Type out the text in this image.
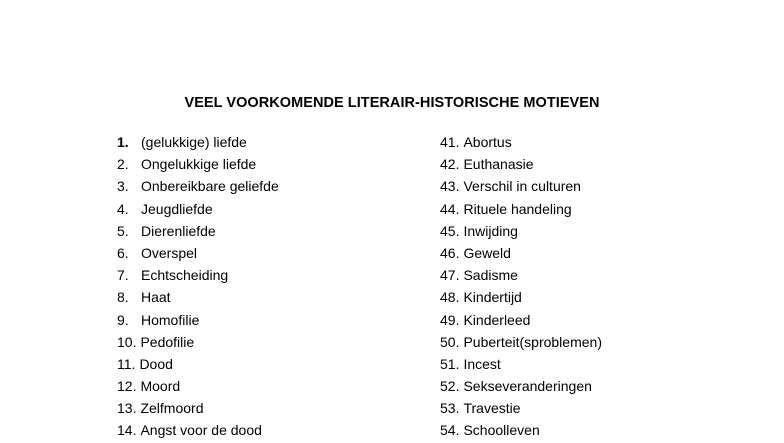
VEEL VOORKOMENDE LITERAIR-HISTORISCHE MOTIEVEN
1. (gelukkige) liefde
2. Ongelukkige liefde
3. Onbereikbare geliefde
4. Jeugdliefde
5. Dierenliefde
6. Overspel
7. Echtscheiding
8. Haat
9. Homofilie
10. Pedofilie
11. Dood
12. Moord
13. Zelfmoord
14. Angst voor de dood
41. Abortus
42. Euthanasie
43. Verschil in culturen
44. Rituele handeling
45. Inwijding
46. Geweld
47. Sadisme
48. Kindertijd
49. Kinderleed
50. Puberteit(sproblemen)
51. Incest
52. Sekseveranderingen
53. Travestie
54. Schoolleven
